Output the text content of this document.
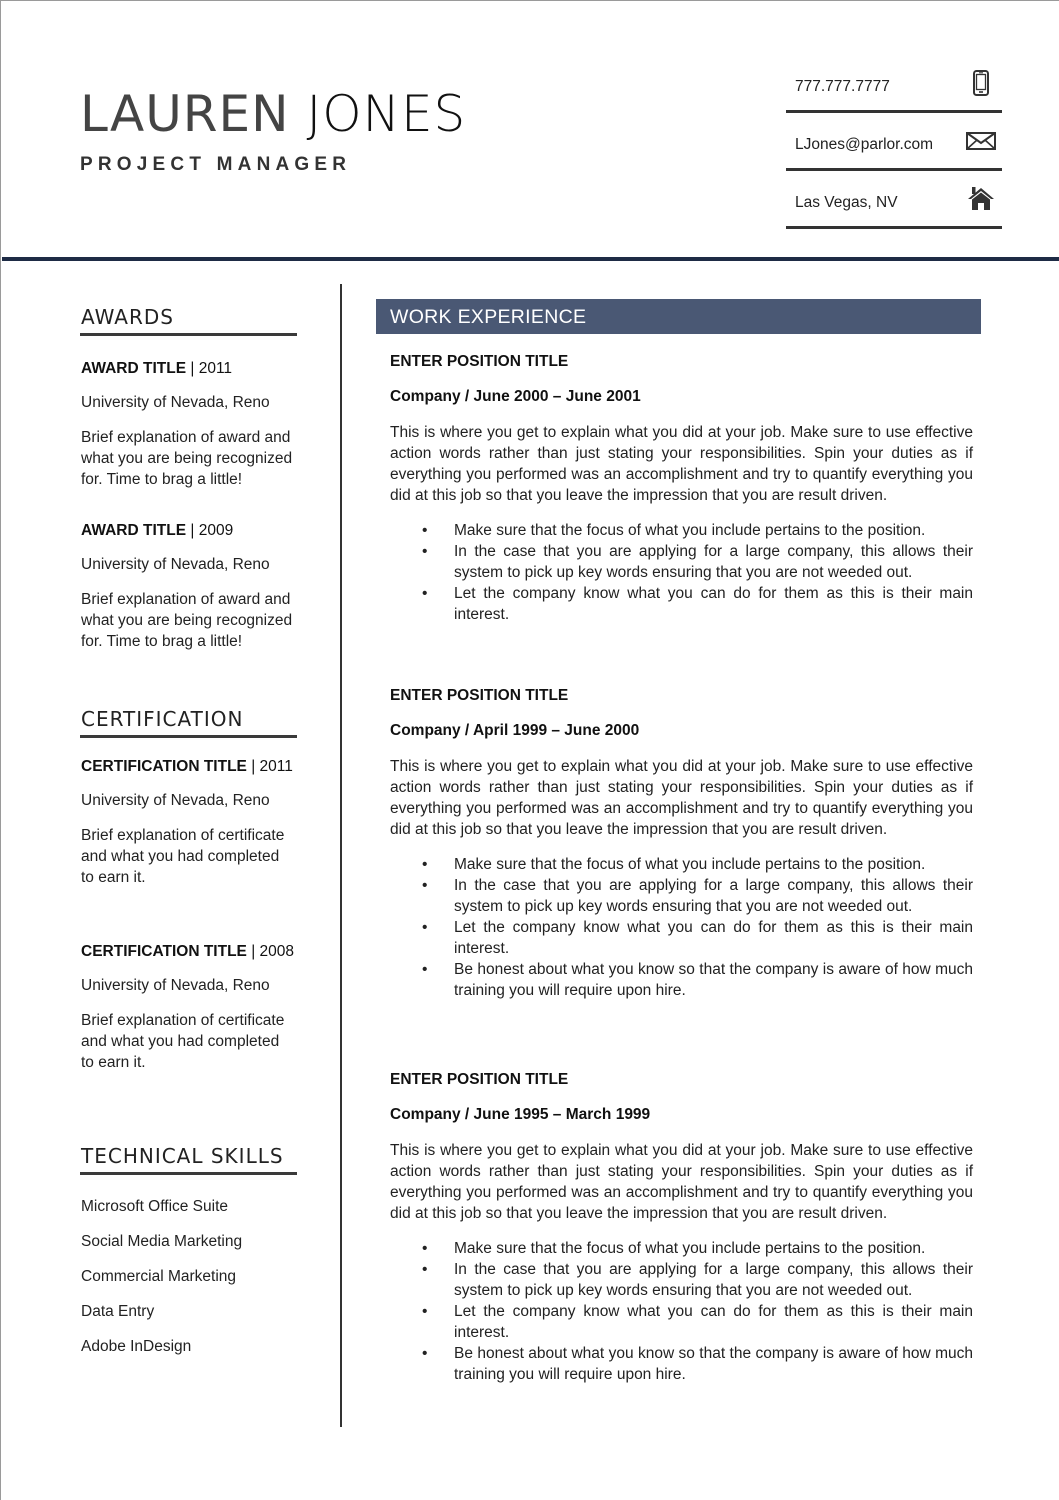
LAUREN JONES
PROJECT MANAGER
777.777.7777
LJones@parlor.com
Las Vegas, NV
AWARDS
AWARD TITLE | 2011
University of Nevada, Reno
Brief explanation of award and
what you are being recognized
for. Time to brag a little!
AWARD TITLE | 2009
University of Nevada, Reno
Brief explanation of award and
what you are being recognized
for. Time to brag a little!
CERTIFICATION
CERTIFICATION TITLE | 2011
University of Nevada, Reno
Brief explanation of certificate
and what you had completed
to earn it.
CERTIFICATION TITLE | 2008
University of Nevada, Reno
Brief explanation of certificate
and what you had completed
to earn it.
TECHNICAL SKILLS
Microsoft Office Suite
Social Media Marketing
Commercial Marketing
Data Entry
Adobe InDesign
WORK EXPERIENCE
ENTER POSITION TITLE
Company / June 2000 – June 2001
This is where you get to explain what you did at your job. Make sure to use effective action words rather than just stating your responsibilities. Spin your duties as if everything you performed was an accomplishment and try to quantify everything you did at this job so that you leave the impression that you are result driven.
• Make sure that the focus of what you include pertains to the position.
• In the case that you are applying for a large company, this allows their system to pick up key words ensuring that you are not weeded out.
• Let the company know what you can do for them as this is their main interest.
ENTER POSITION TITLE
Company / April 1999 – June 2000
This is where you get to explain what you did at your job. Make sure to use effective action words rather than just stating your responsibilities. Spin your duties as if everything you performed was an accomplishment and try to quantify everything you did at this job so that you leave the impression that you are result driven.
• Make sure that the focus of what you include pertains to the position.
• In the case that you are applying for a large company, this allows their system to pick up key words ensuring that you are not weeded out.
• Let the company know what you can do for them as this is their main interest.
• Be honest about what you know so that the company is aware of how much training you will require upon hire.
ENTER POSITION TITLE
Company / June 1995 – March 1999
This is where you get to explain what you did at your job. Make sure to use effective action words rather than just stating your responsibilities. Spin your duties as if everything you performed was an accomplishment and try to quantify everything you did at this job so that you leave the impression that you are result driven.
• Make sure that the focus of what you include pertains to the position.
• In the case that you are applying for a large company, this allows their system to pick up key words ensuring that you are not weeded out.
• Let the company know what you can do for them as this is their main interest.
• Be honest about what you know so that the company is aware of how much training you will require upon hire.
